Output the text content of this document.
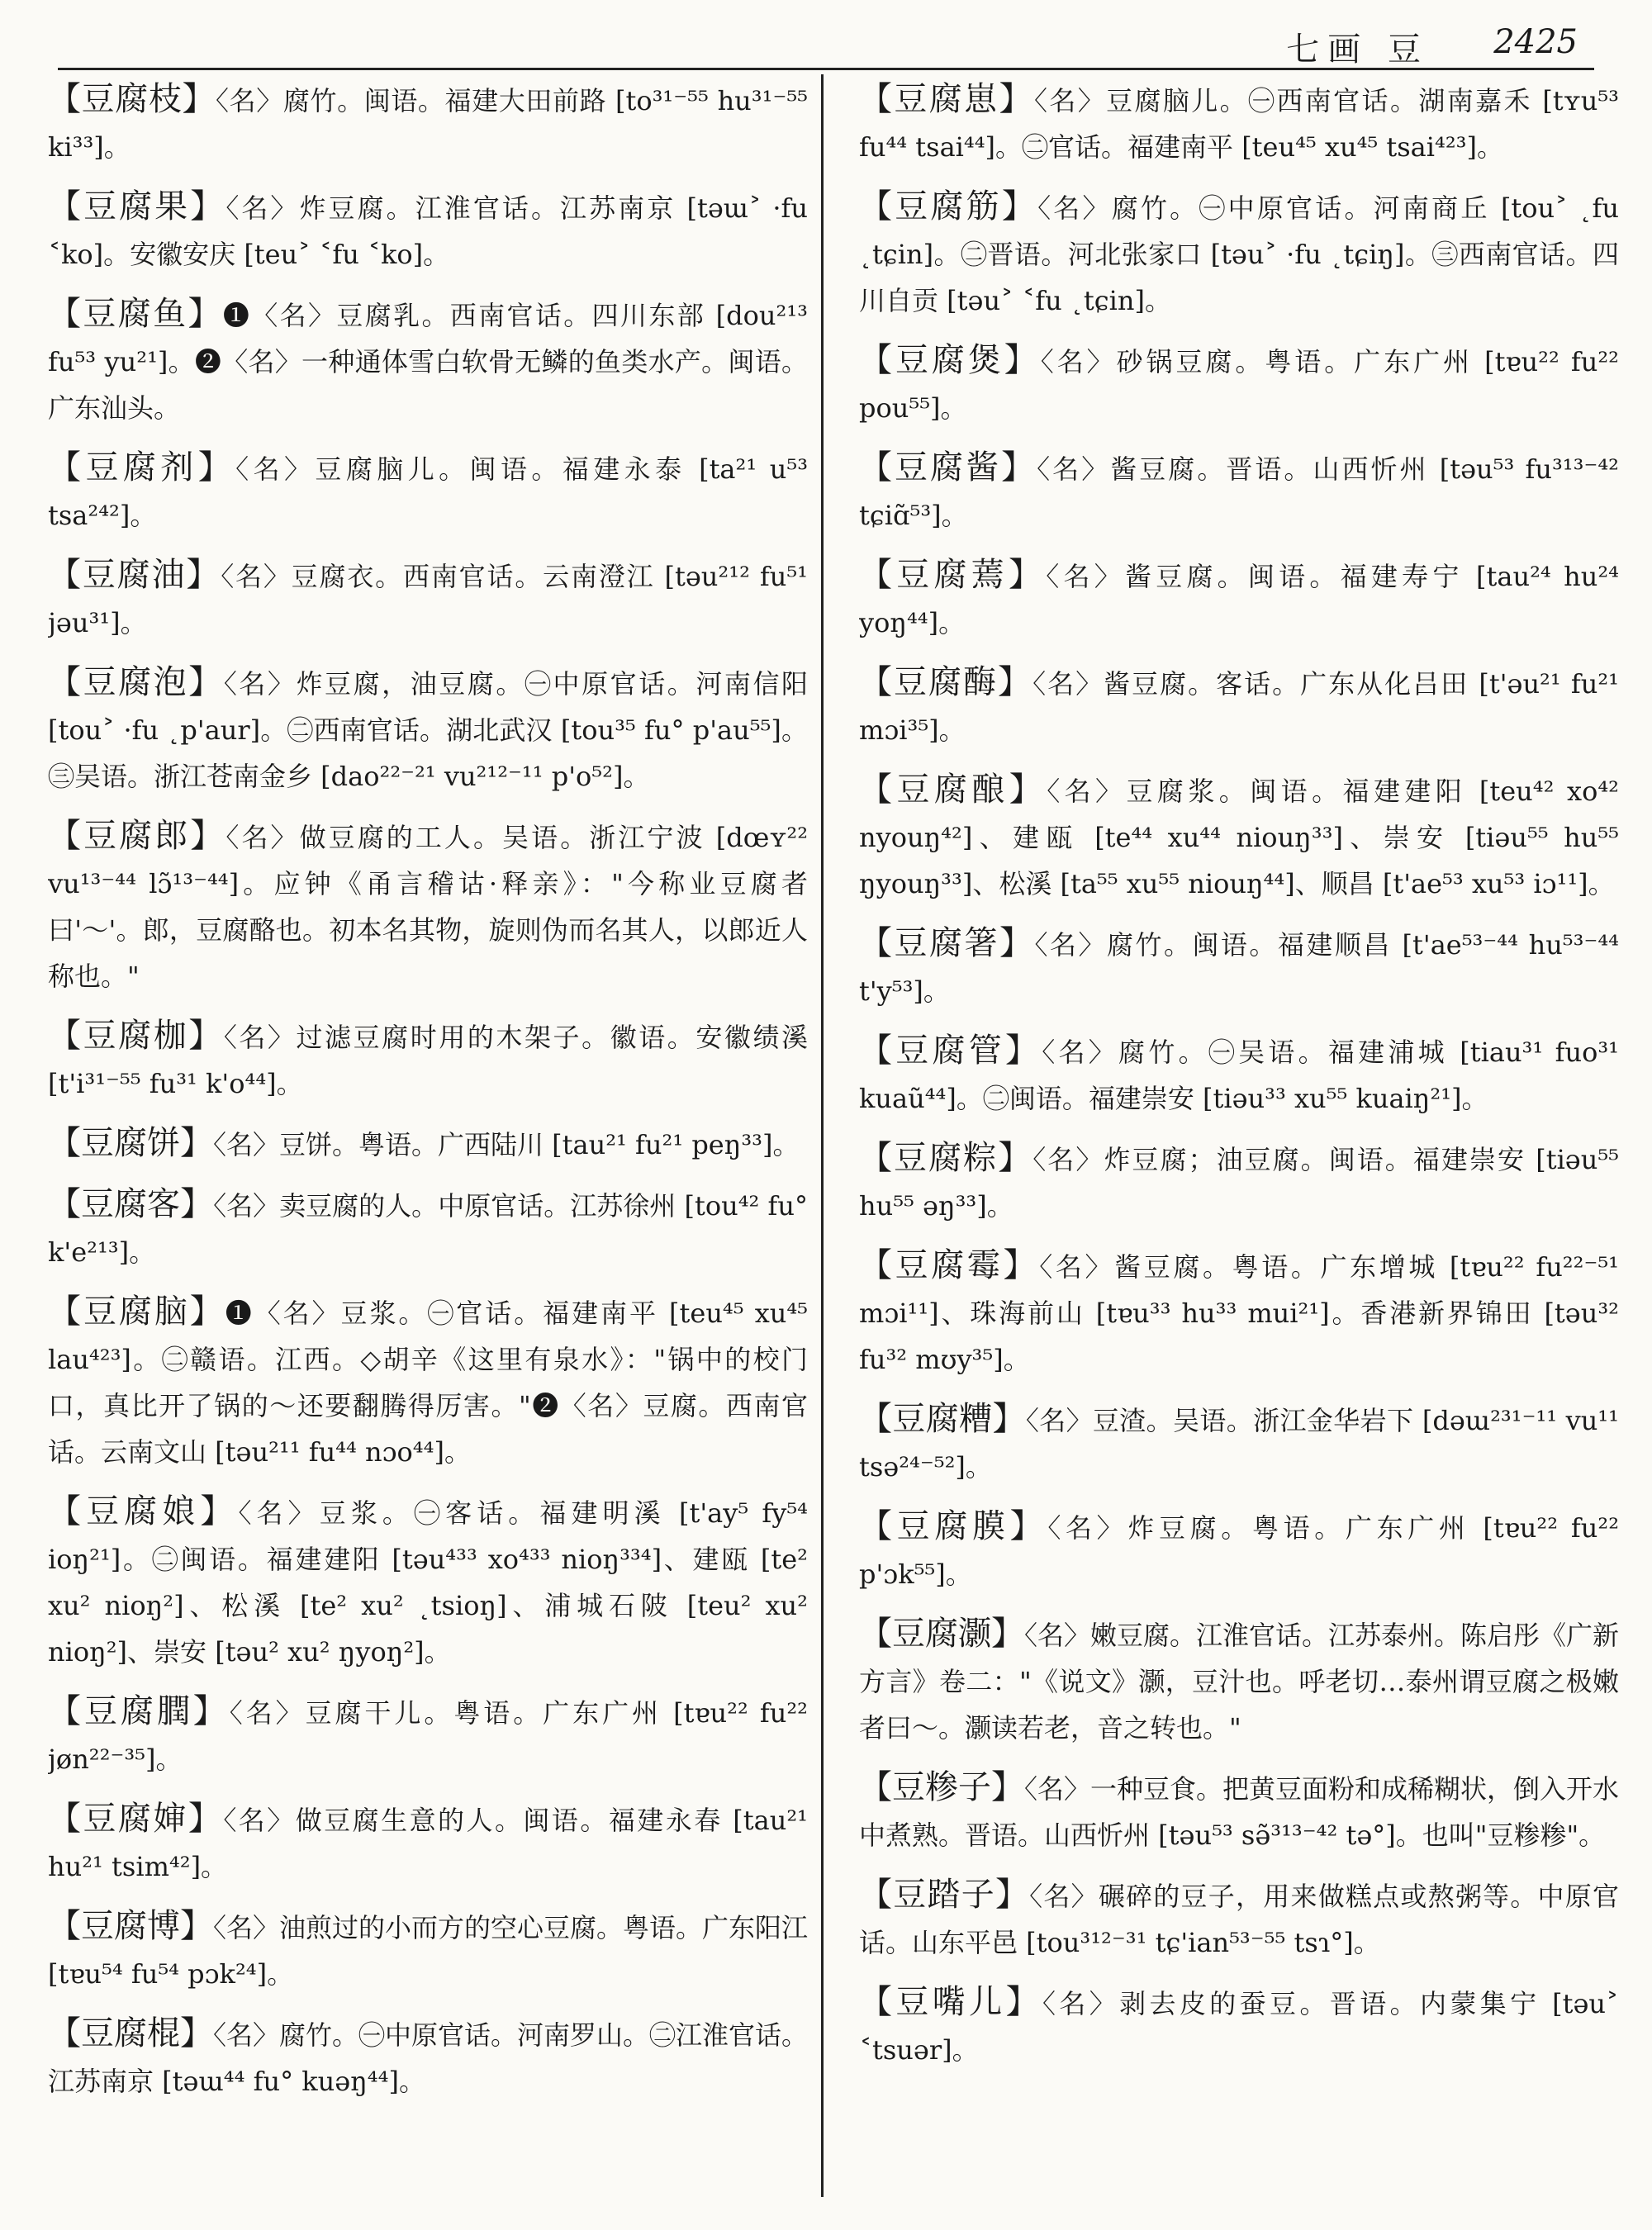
七画 豆 2425

【 豆腐枝 】 〈名〉腐竹。闽语。福建大田前路 [to³¹⁻⁵⁵ hu³¹⁻⁵⁵ ki³³]。

【 豆腐果 】 〈名〉炸豆腐。江淮官话。江苏南京 [təɯ˃ ·fu ˂ko]。安徽安庆 [teu˃ ˂fu ˂ko]。

【 豆腐鱼 】 ❶〈名〉豆腐乳。西南官话。四川东部 [dou²¹³ fu⁵³ yu²¹]。❷〈名〉一种通体雪白软骨无鳞的鱼类水产。闽语。广东汕头。

【 豆腐剂 】 〈名〉豆腐脑儿。闽语。福建永泰 [ta²¹ u⁵³ tsa²⁴²]。

【 豆腐油 】 〈名〉豆腐衣。西南官话。云南澄江 [təu²¹² fu⁵¹ jəu³¹]。

【 豆腐泡 】 〈名〉炸豆腐，油豆腐。㊀中原官话。河南信阳 [tou˃ ·fu ˛p'aur]。㊁西南官话。湖北武汉 [tou³⁵ fu° p'au⁵⁵]。㊂吴语。浙江苍南金乡 [dao²²⁻²¹ vu²¹²⁻¹¹ p'o⁵²]。

【 豆腐郎 】 〈名〉做豆腐的工人。吴语。浙江宁波 [dœʏ²² vu¹³⁻⁴⁴ lɔ̃¹³⁻⁴⁴]。应钟《甬言稽诂·释亲》："今称业豆腐者曰'～'。郎，豆腐酪也。初本名其物，旋则伪而名其人，以郎近人称也。"

【 豆腐枷 】 〈名〉过滤豆腐时用的木架子。徽语。安徽绩溪 [t'i³¹⁻⁵⁵ fu³¹ k'o⁴⁴]。

【 豆腐饼 】 〈名〉豆饼。粤语。广西陆川 [tau²¹ fu²¹ peŋ³³]。

【 豆腐客 】 〈名〉卖豆腐的人。中原官话。江苏徐州 [tou⁴² fu° k'e²¹³]。

【 豆腐脑 】 ❶〈名〉豆浆。㊀官话。福建南平 [teu⁴⁵ xu⁴⁵ lau⁴²³]。㊁赣语。江西。◇胡辛《这里有泉水》："锅中的校门口，真比开了锅的～还要翻腾得厉害。"❷〈名〉豆腐。西南官话。云南文山 [təu²¹¹ fu⁴⁴ nɔo⁴⁴]。

【 豆腐娘 】 〈名〉豆浆。㊀客话。福建明溪 [t'ay⁵ fy⁵⁴ ioŋ²¹]。㊁闽语。福建建阳 [təu⁴³³ xo⁴³³ nioŋ³³⁴]、建瓯 [te² xu² nioŋ²]、松溪 [te² xu² ˛tsioŋ]、浦城石陂 [teu² xu² nioŋ²]、崇安 [təu² xu² ŋyoŋ²]。

【 豆腐膶 】 〈名〉豆腐干儿。粤语。广东广州 [tɐu²² fu²² jøn²²⁻³⁵]。

【 豆腐婶 】 〈名〉做豆腐生意的人。闽语。福建永春 [tau²¹ hu²¹ tsim⁴²]。

【 豆腐博 】 〈名〉油煎过的小而方的空心豆腐。粤语。广东阳江 [tɐu⁵⁴ fu⁵⁴ pɔk²⁴]。

【 豆腐棍 】 〈名〉腐竹。㊀中原官话。河南罗山。㊁江淮官话。江苏南京 [təɯ⁴⁴ fu° kuəŋ⁴⁴]。

【 豆腐崽 】 〈名〉豆腐脑儿。㊀西南官话。湖南嘉禾 [tʏu⁵³ fu⁴⁴ tsai⁴⁴]。㊁官话。福建南平 [teu⁴⁵ xu⁴⁵ tsai⁴²³]。

【 豆腐筋 】 〈名〉腐竹。㊀中原官话。河南商丘 [tou˃ ˛fu ˛tɕin]。㊁晋语。河北张家口 [təu˃ ·fu ˛tɕiŋ]。㊂西南官话。四川自贡 [təu˃ ˂fu ˛tɕin]。

【 豆腐煲 】 〈名〉砂锅豆腐。粤语。广东广州 [tɐu²² fu²² pou⁵⁵]。

【 豆腐酱 】 〈名〉酱豆腐。晋语。山西忻州 [təu⁵³ fu³¹³⁻⁴² tɕiɑ̃⁵³]。

【 豆腐蔫 】 〈名〉酱豆腐。闽语。福建寿宁 [tau²⁴ hu²⁴ yoŋ⁴⁴]。

【 豆腐酶 】 〈名〉酱豆腐。客话。广东从化吕田 [t'əu²¹ fu²¹ mɔi³⁵]。

【 豆腐酿 】 〈名〉豆腐浆。闽语。福建建阳 [teu⁴² xo⁴² nyouŋ⁴²]、建瓯 [te⁴⁴ xu⁴⁴ niouŋ³³]、崇安 [tiəu⁵⁵ hu⁵⁵ ŋyouŋ³³]、松溪 [ta⁵⁵ xu⁵⁵ niouŋ⁴⁴]、顺昌 [t'ae⁵³ xu⁵³ iɔ¹¹]。

【 豆腐箸 】 〈名〉腐竹。闽语。福建顺昌 [t'ae⁵³⁻⁴⁴ hu⁵³⁻⁴⁴ t'y⁵³]。

【 豆腐管 】 〈名〉腐竹。㊀吴语。福建浦城 [tiau³¹ fuo³¹ kuaũ⁴⁴]。㊁闽语。福建崇安 [tiəu³³ xu⁵⁵ kuaiŋ²¹]。

【 豆腐粽 】 〈名〉炸豆腐；油豆腐。闽语。福建崇安 [tiəu⁵⁵ hu⁵⁵ əŋ³³]。

【 豆腐霉 】 〈名〉酱豆腐。粤语。广东增城 [tɐu²² fu²²⁻⁵¹ mɔi¹¹]、珠海前山 [tɐu³³ hu³³ mui²¹]。香港新界锦田 [təu³² fu³² mʊy³⁵]。

【 豆腐糟 】 〈名〉豆渣。吴语。浙江金华岩下 [dəɯ²³¹⁻¹¹ vu¹¹ tsə²⁴⁻⁵²]。

【 豆腐膜 】 〈名〉炸豆腐。粤语。广东广州 [tɐu²² fu²² p'ɔk⁵⁵]。

【 豆腐灏 】 〈名〉嫩豆腐。江淮官话。江苏泰州。陈启彤《广新方言》卷二："《说文》灏，豆汁也。呼老切…泰州谓豆腐之极嫩者曰～。灏读若老，音之转也。"

【 豆糁子 】 〈名〉一种豆食。把黄豆面粉和成稀糊状，倒入开水中煮熟。晋语。山西忻州 [təu⁵³ sə̃³¹³⁻⁴² tə°]。也叫"豆糁糁"。

【 豆踏子 】 〈名〉碾碎的豆子，用来做糕点或熬粥等。中原官话。山东平邑 [tou³¹²⁻³¹ tɕ'ian⁵³⁻⁵⁵ tsɿ°]。

【 豆嘴儿 】 〈名〉剥去皮的蚕豆。晋语。内蒙集宁 [təu˃ ˂tsuər]。
